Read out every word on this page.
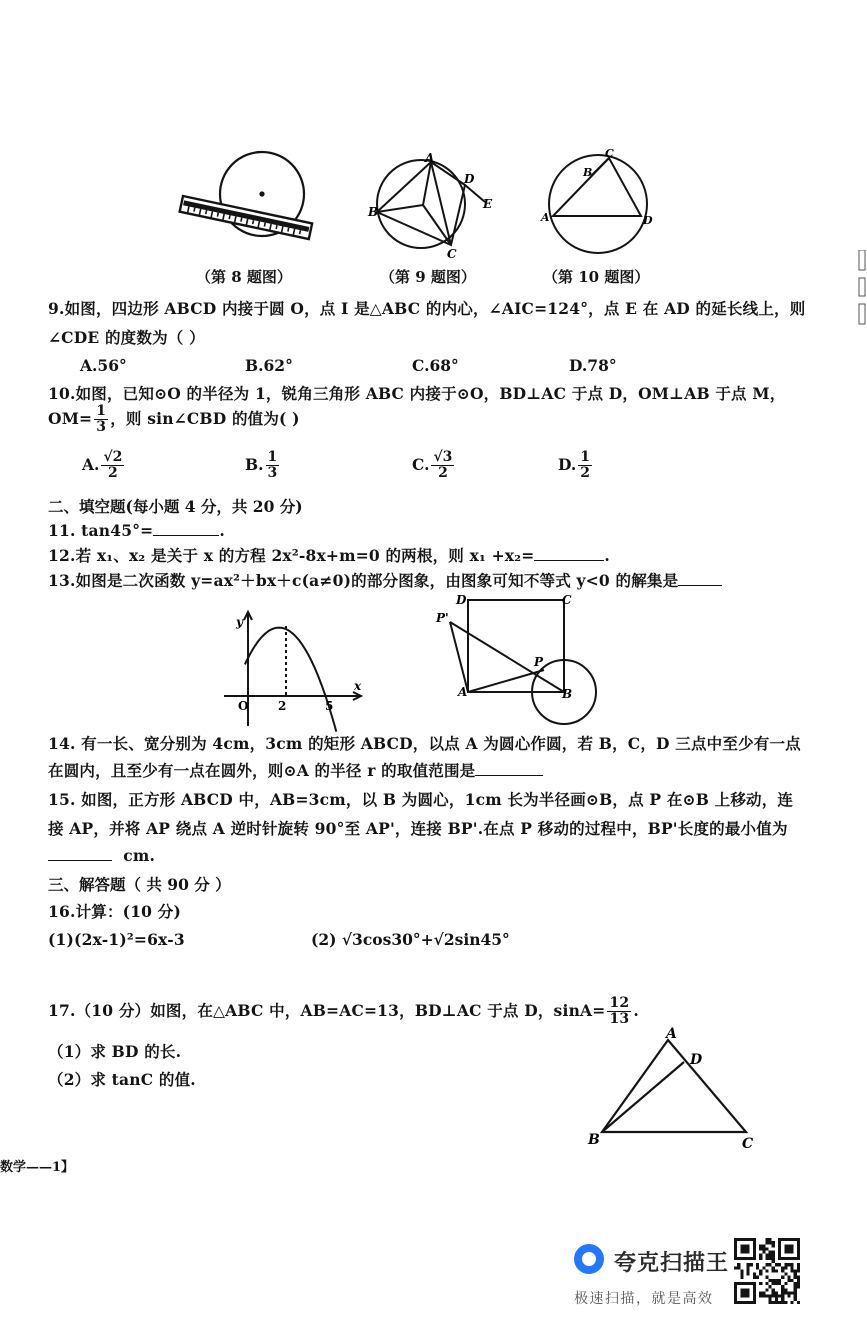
A
B
C
D
E
C
A	D
B
（第 8 题图）	（第 9 题图）	（第 10 题图）
9.如图，四边形 ABCD 内接于圆 O，点 I 是△ABC 的内心，∠AIC=124°，点 E 在 AD 的延长线上，则
∠CDE 的度数为（ ）
A.56°	B.62°	C.68°	D.78°
10.如图，已知⊙O 的半径为 1，锐角三角形 ABC 内接于⊙O，BD⊥AC 于点 D，OM⊥AB 于点 M，
$OM= \frac{1}{3}$ ，则 sin∠CBD 的值为( )
A. $\frac{√2}{2}$	B. $\frac{1}{3}$	C. $\frac{√3}{2}$	D. $\frac{1}{2}$
二、填空题(每小题 4 分，共 20 分)
11. tan45°=	.
12.若 x₁、x₂ 是关于 x 的方程 2x²-8x+m=0 的两根，则 x₁ +x₂=	.
13.如图是二次函数 y=ax²＋bx＋c(a≠0)的部分图象，由图象可知不等式 y<0 的解集是
y
x
O 2	5
D	C
P'
P
A	B
14. 有一长、宽分别为 4cm，3cm 的矩形 ABCD，以点 A 为圆心作圆，若 B，C，D 三点中至少有一点
在圆内，且至少有一点在圆外，则⊙A 的半径 r 的取值范围是
15. 如图，正方形 ABCD 中，AB=3cm，以 B 为圆心，1cm 长为半径画⊙B，点 P 在⊙B 上移动，连
接 AP，并将 AP 绕点 A 逆时针旋转 90°至 AP'，连接 BP'.在点 P 移动的过程中，BP'长度的最小值为
cm.
三、解答题（ 共 90 分 ）
16.计算：(10 分)
(1)(2x-1)²=6x-3	(2) √3cos30°+√2sin45°
17.（10 分）如图，在△ABC 中，AB=AC=13，BD⊥AC 于点 D，$\sin A= \frac{12}{13}$ .
（1）求 BD 的长.
（2）求 tanC 的值.
A
D
B	C
数学——1】
夸克扫描王
极速扫描，就是高效
